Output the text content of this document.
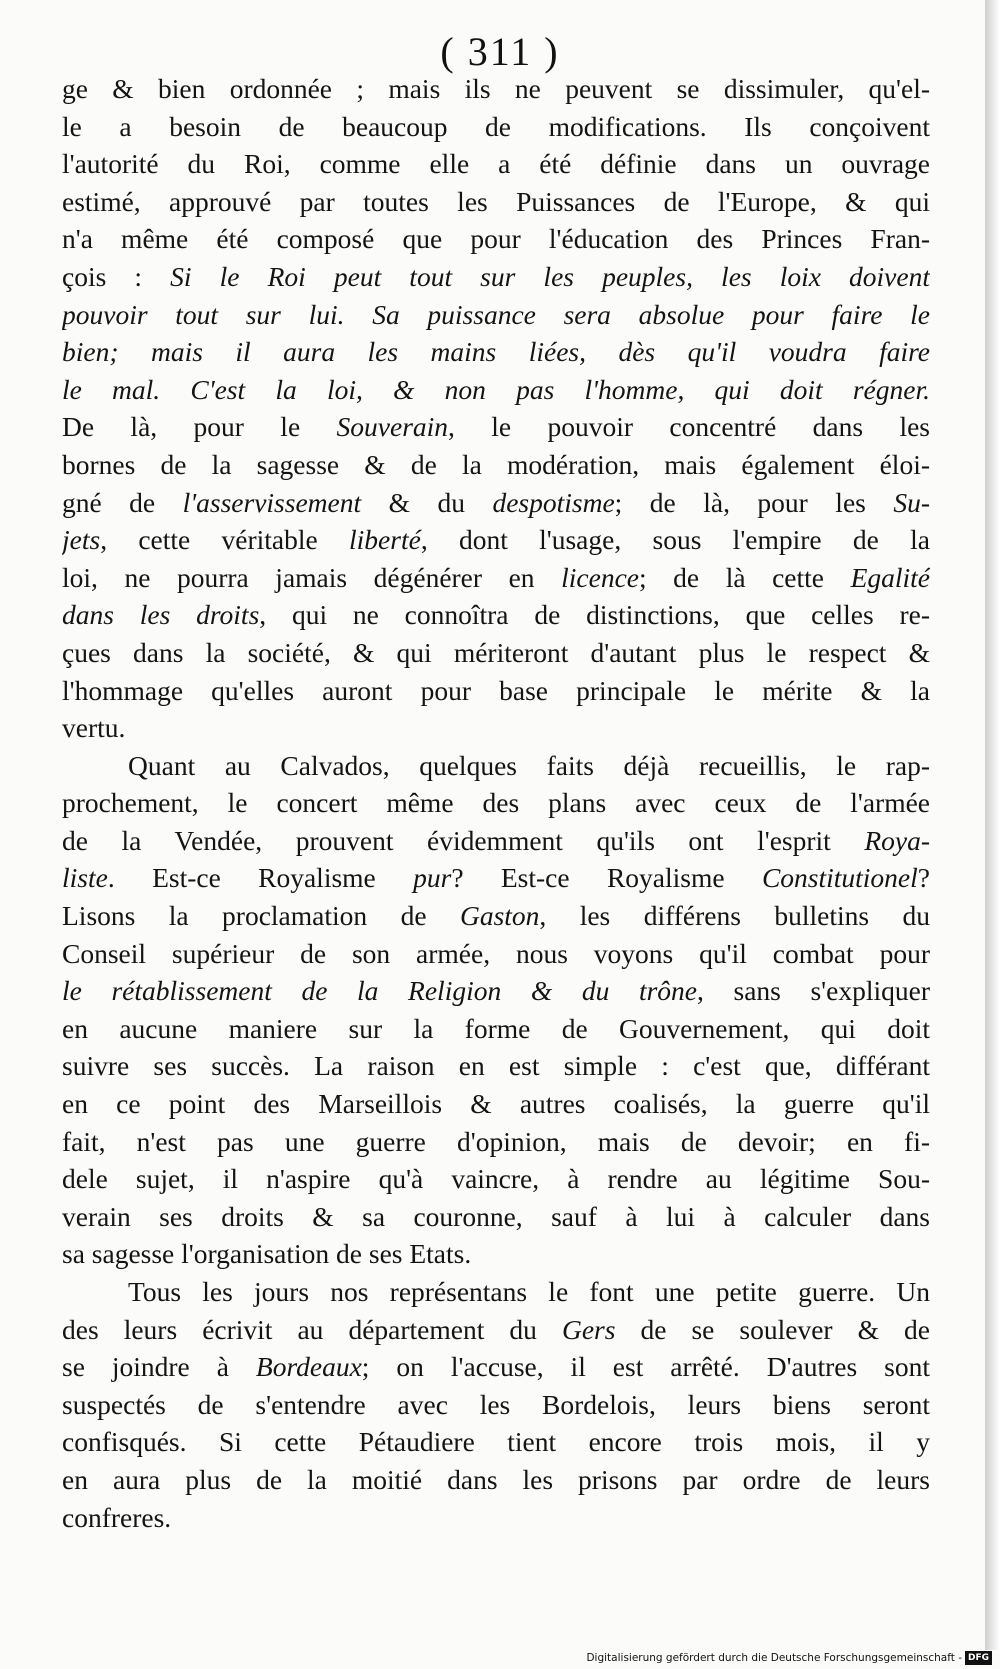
( 311 )
ge & bien ordonnée ; mais ils ne peuvent se dissimuler, qu'el-
le a besoin de beaucoup de modifications. Ils conçoivent
l'autorité du Roi, comme elle a été définie dans un ouvrage
estimé, approuvé par toutes les Puissances de l'Europe, & qui
n'a même été composé que pour l'éducation des Princes Fran-
çois : Si le Roi peut tout sur les peuples, les loix doivent
pouvoir tout sur lui. Sa puissance sera absolue pour faire le
bien; mais il aura les mains liées, dès qu'il voudra faire
le mal. C'est la loi, & non pas l'homme, qui doit régner.
De là, pour le Souverain, le pouvoir concentré dans les
bornes de la sagesse & de la modération, mais également éloi-
gné de l'asservissement & du despotisme; de là, pour les Su-
jets, cette véritable liberté, dont l'usage, sous l'empire de la
loi, ne pourra jamais dégénérer en licence; de là cette Egalité
dans les droits, qui ne connoîtra de distinctions, que celles re-
çues dans la société, & qui mériteront d'autant plus le respect &
l'hommage qu'elles auront pour base principale le mérite & la
vertu.
Quant au Calvados, quelques faits déjà recueillis, le rap-
prochement, le concert même des plans avec ceux de l'armée
de la Vendée, prouvent évidemment qu'ils ont l'esprit Roya-
liste. Est-ce Royalisme pur? Est-ce Royalisme Constitutionel?
Lisons la proclamation de Gaston, les différens bulletins du
Conseil supérieur de son armée, nous voyons qu'il combat pour
le rétablissement de la Religion & du trône, sans s'expliquer
en aucune maniere sur la forme de Gouvernement, qui doit
suivre ses succès. La raison en est simple : c'est que, différant
en ce point des Marseillois & autres coalisés, la guerre qu'il
fait, n'est pas une guerre d'opinion, mais de devoir; en fi-
dele sujet, il n'aspire qu'à vaincre, à rendre au légitime Sou-
verain ses droits & sa couronne, sauf à lui à calculer dans
sa sagesse l'organisation de ses Etats.
Tous les jours nos représentans le font une petite guerre. Un
des leurs écrivit au département du Gers de se soulever & de
se joindre à Bordeaux; on l'accuse, il est arrêté. D'autres sont
suspectés de s'entendre avec les Bordelois, leurs biens seront
confisqués. Si cette Pétaudiere tient encore trois mois, il y
en aura plus de la moitié dans les prisons par ordre de leurs
confreres.
Digitalisierung gefördert durch die Deutsche Forschungsgemeinschaft - DFG
